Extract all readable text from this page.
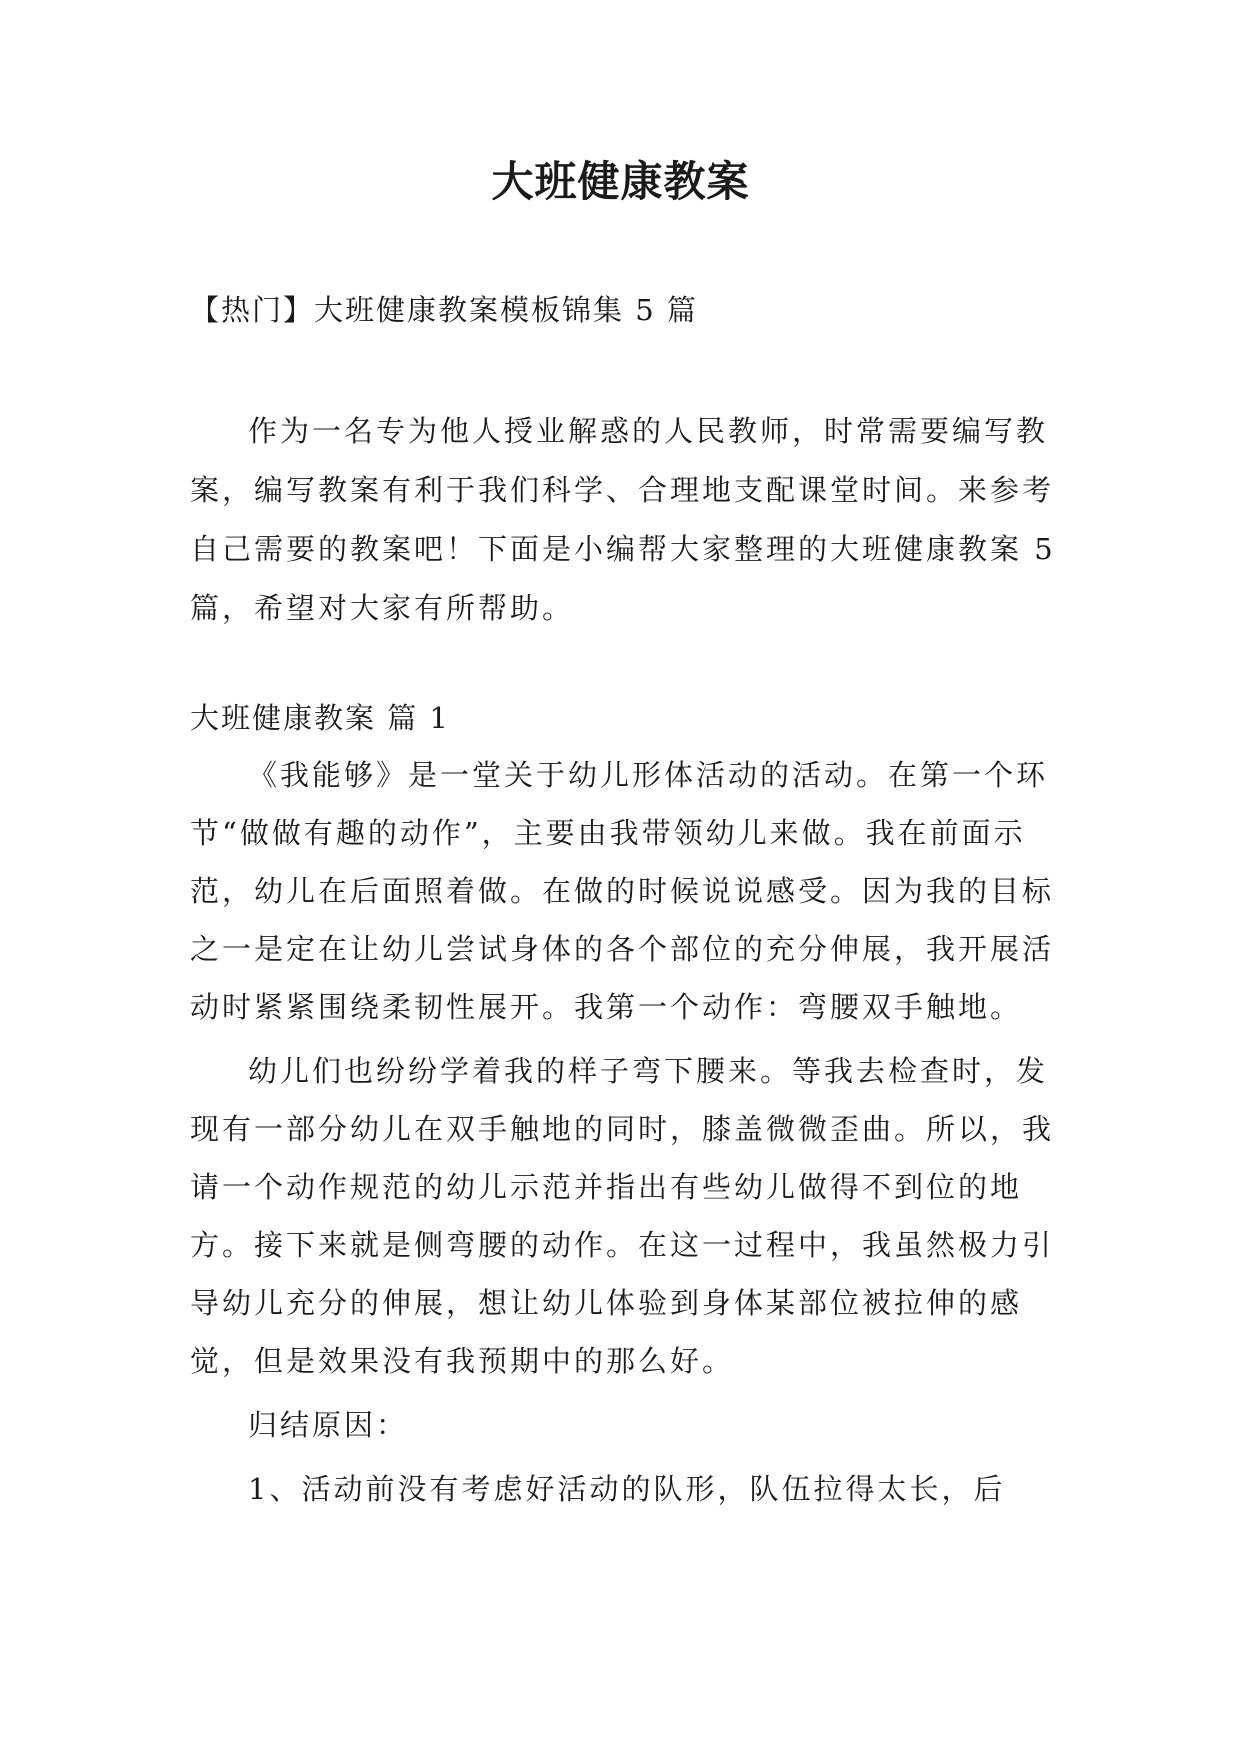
大班健康教案

【热门】大班健康教案模板锦集 5 篇

作为一名专为他人授业解惑的人民教师，时常需要编写教案，编写教案有利于我们科学、合理地支配课堂时间。来参考自己需要的教案吧！下面是小编帮大家整理的大班健康教案 5 篇，希望对大家有所帮助。

大班健康教案 篇 1

《我能够》是一堂关于幼儿形体活动的活动。在第一个环节“做做有趣的动作”，主要由我带领幼儿来做。我在前面示范，幼儿在后面照着做。在做的时候说说感受。因为我的目标之一是定在让幼儿尝试身体的各个部位的充分伸展，我开展活动时紧紧围绕柔韧性展开。我第一个动作：弯腰双手触地。

幼儿们也纷纷学着我的样子弯下腰来。等我去检查时，发现有一部分幼儿在双手触地的同时，膝盖微微歪曲。所以，我请一个动作规范的幼儿示范并指出有些幼儿做得不到位的地方。接下来就是侧弯腰的动作。在这一过程中，我虽然极力引导幼儿充分的伸展，想让幼儿体验到身体某部位被拉伸的感觉，但是效果没有我预期中的那么好。

归结原因：

1、活动前没有考虑好活动的队形，队伍拉得太长，后
